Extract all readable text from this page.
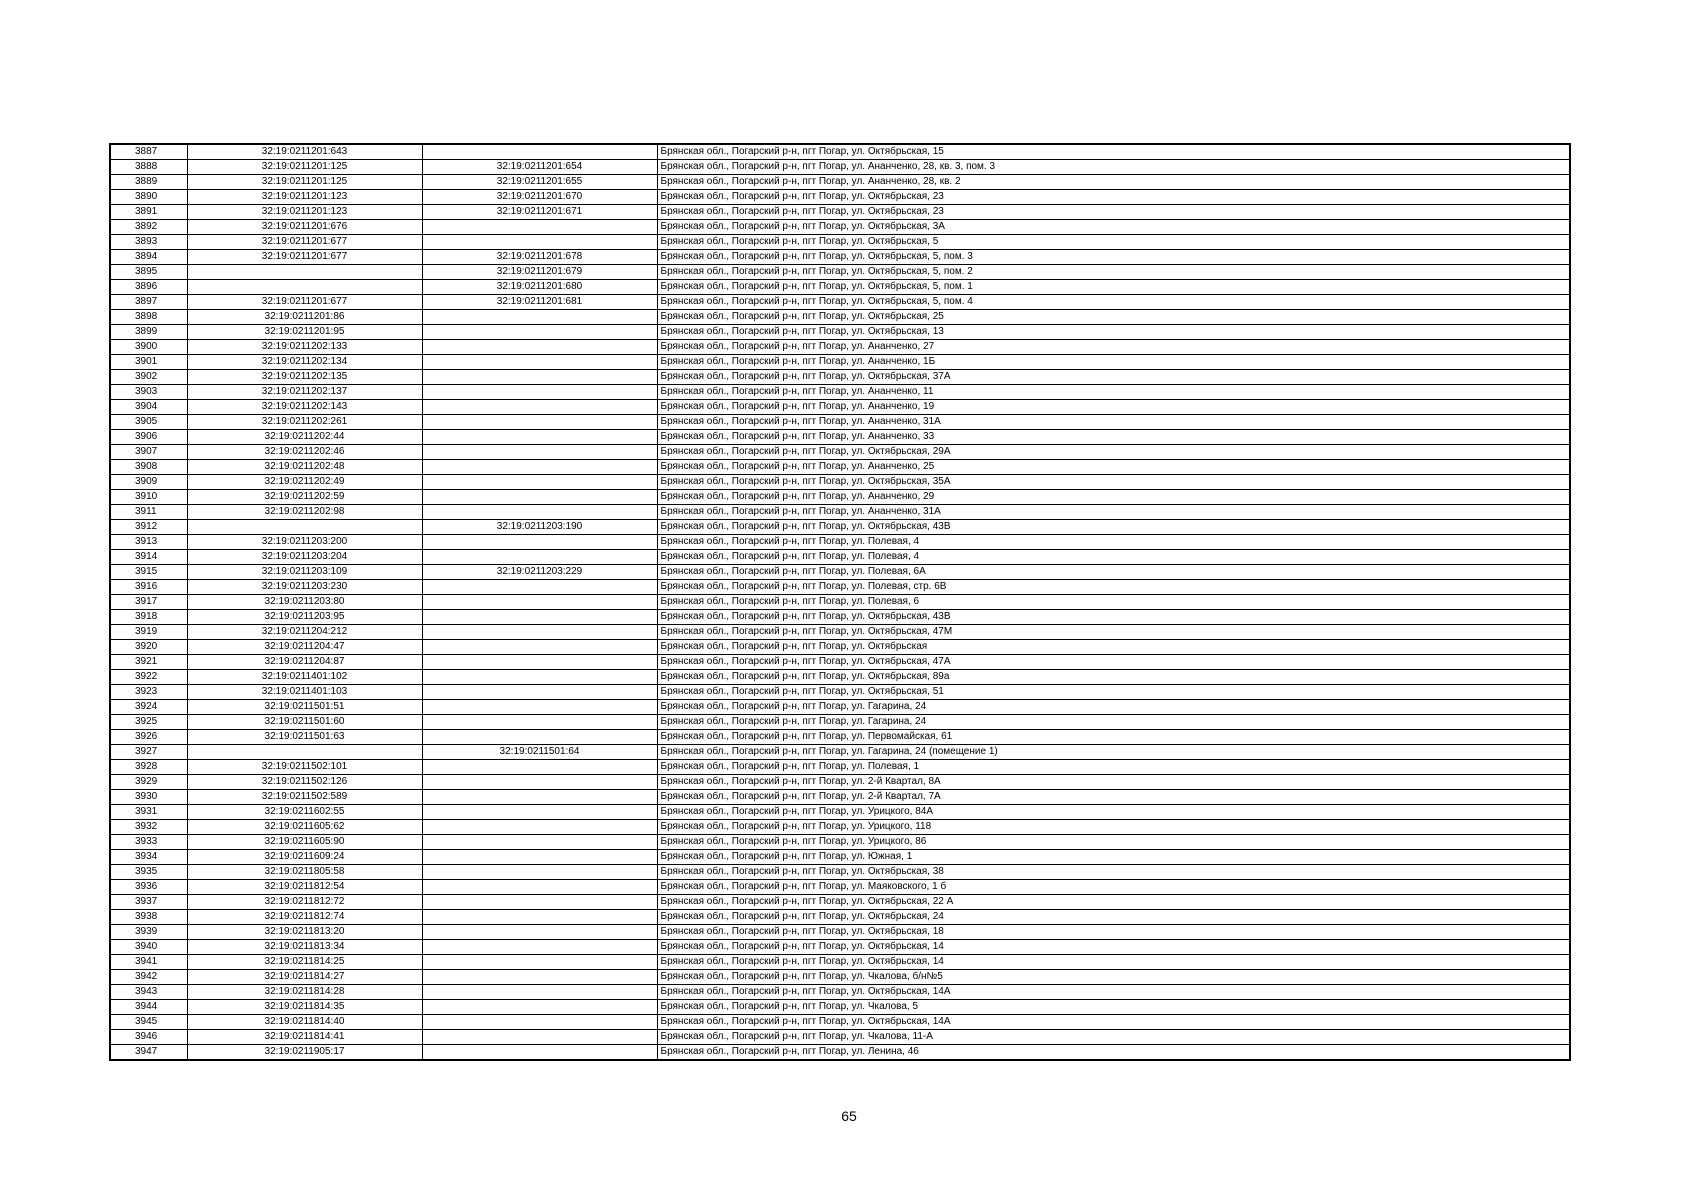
3887	32:19:0211201:643		Брянская обл., Погарский р-н, пгт Погар, ул. Октябрьская, 15
3888	32:19:0211201:125	32:19:0211201:654	Брянская обл., Погарский р-н, пгт Погар, ул. Ананченко, 28, кв. 3, пом. 3
3889	32:19:0211201:125	32:19:0211201:655	Брянская обл., Погарский р-н, пгт Погар, ул. Ананченко, 28, кв. 2
3890	32:19:0211201:123	32:19:0211201:670	Брянская обл., Погарский р-н, пгт Погар, ул. Октябрьская, 23
3891	32:19:0211201:123	32:19:0211201:671	Брянская обл., Погарский р-н, пгт Погар, ул. Октябрьская, 23
3892	32:19:0211201:676		Брянская обл., Погарский р-н, пгт Погар, ул. Октябрьская, 3А
3893	32:19:0211201:677		Брянская обл., Погарский р-н, пгт Погар, ул. Октябрьская, 5
3894	32:19:0211201:677	32:19:0211201:678	Брянская обл., Погарский р-н, пгт Погар, ул. Октябрьская, 5, пом. 3
3895		32:19:0211201:679	Брянская обл., Погарский р-н, пгт Погар, ул. Октябрьская, 5, пом. 2
3896		32:19:0211201:680	Брянская обл., Погарский р-н, пгт Погар, ул. Октябрьская, 5, пом. 1
3897	32:19:0211201:677	32:19:0211201:681	Брянская обл., Погарский р-н, пгт Погар, ул. Октябрьская, 5, пом. 4
3898	32:19:0211201:86		Брянская обл., Погарский р-н, пгт Погар, ул. Октябрьская, 25
3899	32:19:0211201:95		Брянская обл., Погарский р-н, пгт Погар, ул. Октябрьская, 13
3900	32:19:0211202:133		Брянская обл., Погарский р-н, пгт Погар, ул. Ананченко, 27
3901	32:19:0211202:134		Брянская обл., Погарский р-н, пгт Погар, ул. Ананченко, 1Б
3902	32:19:0211202:135		Брянская обл., Погарский р-н, пгт Погар, ул. Октябрьская, 37А
3903	32:19:0211202:137		Брянская обл., Погарский р-н, пгт Погар, ул. Ананченко, 11
3904	32:19:0211202:143		Брянская обл., Погарский р-н, пгт Погар, ул. Ананченко, 19
3905	32:19:0211202:261		Брянская обл., Погарский р-н, пгт Погар, ул. Ананченко, 31А
3906	32:19:0211202:44		Брянская обл., Погарский р-н, пгт Погар, ул. Ананченко, 33
3907	32:19:0211202:46		Брянская обл., Погарский р-н, пгт Погар, ул. Октябрьская, 29А
3908	32:19:0211202:48		Брянская обл., Погарский р-н, пгт Погар, ул. Ананченко, 25
3909	32:19:0211202:49		Брянская обл., Погарский р-н, пгт Погар, ул. Октябрьская, 35А
3910	32:19:0211202:59		Брянская обл., Погарский р-н, пгт Погар, ул. Ананченко, 29
3911	32:19:0211202:98		Брянская обл., Погарский р-н, пгт Погар, ул. Ананченко, 31А
3912		32:19:0211203:190	Брянская обл., Погарский р-н, пгт Погар, ул. Октябрьская, 43В
3913	32:19:0211203:200		Брянская обл., Погарский р-н, пгт Погар, ул. Полевая, 4
3914	32:19:0211203:204		Брянская обл., Погарский р-н, пгт Погар, ул. Полевая, 4
3915	32:19:0211203:109	32:19:0211203:229	Брянская обл., Погарский р-н, пгт Погар, ул. Полевая, 6А
3916	32:19:0211203:230		Брянская обл., Погарский р-н, пгт Погар, ул. Полевая, стр. 6В
3917	32:19:0211203:80		Брянская обл., Погарский р-н, пгт Погар, ул. Полевая, 6
3918	32:19:0211203:95		Брянская обл., Погарский р-н, пгт Погар, ул. Октябрьская, 43В
3919	32:19:0211204:212		Брянская обл., Погарский р-н, пгт Погар, ул. Октябрьская, 47М
3920	32:19:0211204:47		Брянская обл., Погарский р-н, пгт Погар, ул. Октябрьская
3921	32:19:0211204:87		Брянская обл., Погарский р-н, пгт Погар, ул. Октябрьская, 47А
3922	32:19:0211401:102		Брянская обл., Погарский р-н, пгт Погар, ул. Октябрьская, 89а
3923	32:19:0211401:103		Брянская обл., Погарский р-н, пгт Погар, ул. Октябрьская, 51
3924	32:19:0211501:51		Брянская обл., Погарский р-н, пгт Погар, ул. Гагарина, 24
3925	32:19:0211501:60		Брянская обл., Погарский р-н, пгт Погар, ул. Гагарина, 24
3926	32:19:0211501:63		Брянская обл., Погарский р-н, пгт Погар, ул. Первомайская, 61
3927		32:19:0211501:64	Брянская обл., Погарский р-н, пгт Погар, ул. Гагарина, 24 (помещение 1)
3928	32:19:0211502:101		Брянская обл., Погарский р-н, пгт Погар, ул. Полевая, 1
3929	32:19:0211502:126		Брянская обл., Погарский р-н, пгт Погар, ул. 2-й Квартал, 8А
3930	32:19:0211502:589		Брянская обл., Погарский р-н, пгт Погар, ул. 2-й Квартал, 7А
3931	32:19:0211602:55		Брянская обл., Погарский р-н, пгт Погар, ул. Урицкого, 84А
3932	32:19:0211605:62		Брянская обл., Погарский р-н, пгт Погар, ул. Урицкого, 118
3933	32:19:0211605:90		Брянская обл., Погарский р-н, пгт Погар, ул. Урицкого, 86
3934	32:19:0211609:24		Брянская обл., Погарский р-н, пгт Погар, ул. Южная, 1
3935	32:19:0211805:58		Брянская обл., Погарский р-н, пгт Погар, ул. Октябрьская, 38
3936	32:19:0211812:54		Брянская обл., Погарский р-н, пгт Погар, ул. Маяковского, 1 б
3937	32:19:0211812:72		Брянская обл., Погарский р-н, пгт Погар, ул. Октябрьская, 22 А
3938	32:19:0211812:74		Брянская обл., Погарский р-н, пгт Погар, ул. Октябрьская, 24
3939	32:19:0211813:20		Брянская обл., Погарский р-н, пгт Погар, ул. Октябрьская, 18
3940	32:19:0211813:34		Брянская обл., Погарский р-н, пгт Погар, ул. Октябрьская, 14
3941	32:19:0211814:25		Брянская обл., Погарский р-н, пгт Погар, ул. Октябрьская, 14
3942	32:19:0211814:27		Брянская обл., Погарский р-н, пгт Погар, ул. Чкалова, б/н№5
3943	32:19:0211814:28		Брянская обл., Погарский р-н, пгт Погар, ул. Октябрьская, 14А
3944	32:19:0211814:35		Брянская обл., Погарский р-н, пгт Погар, ул. Чкалова, 5
3945	32:19:0211814:40		Брянская обл., Погарский р-н, пгт Погар, ул. Октябрьская, 14А
3946	32:19:0211814:41		Брянская обл., Погарский р-н, пгт Погар, ул. Чкалова, 11-А
3947	32:19:0211905:17		Брянская обл., Погарский р-н, пгт Погар, ул. Ленина, 46
65
